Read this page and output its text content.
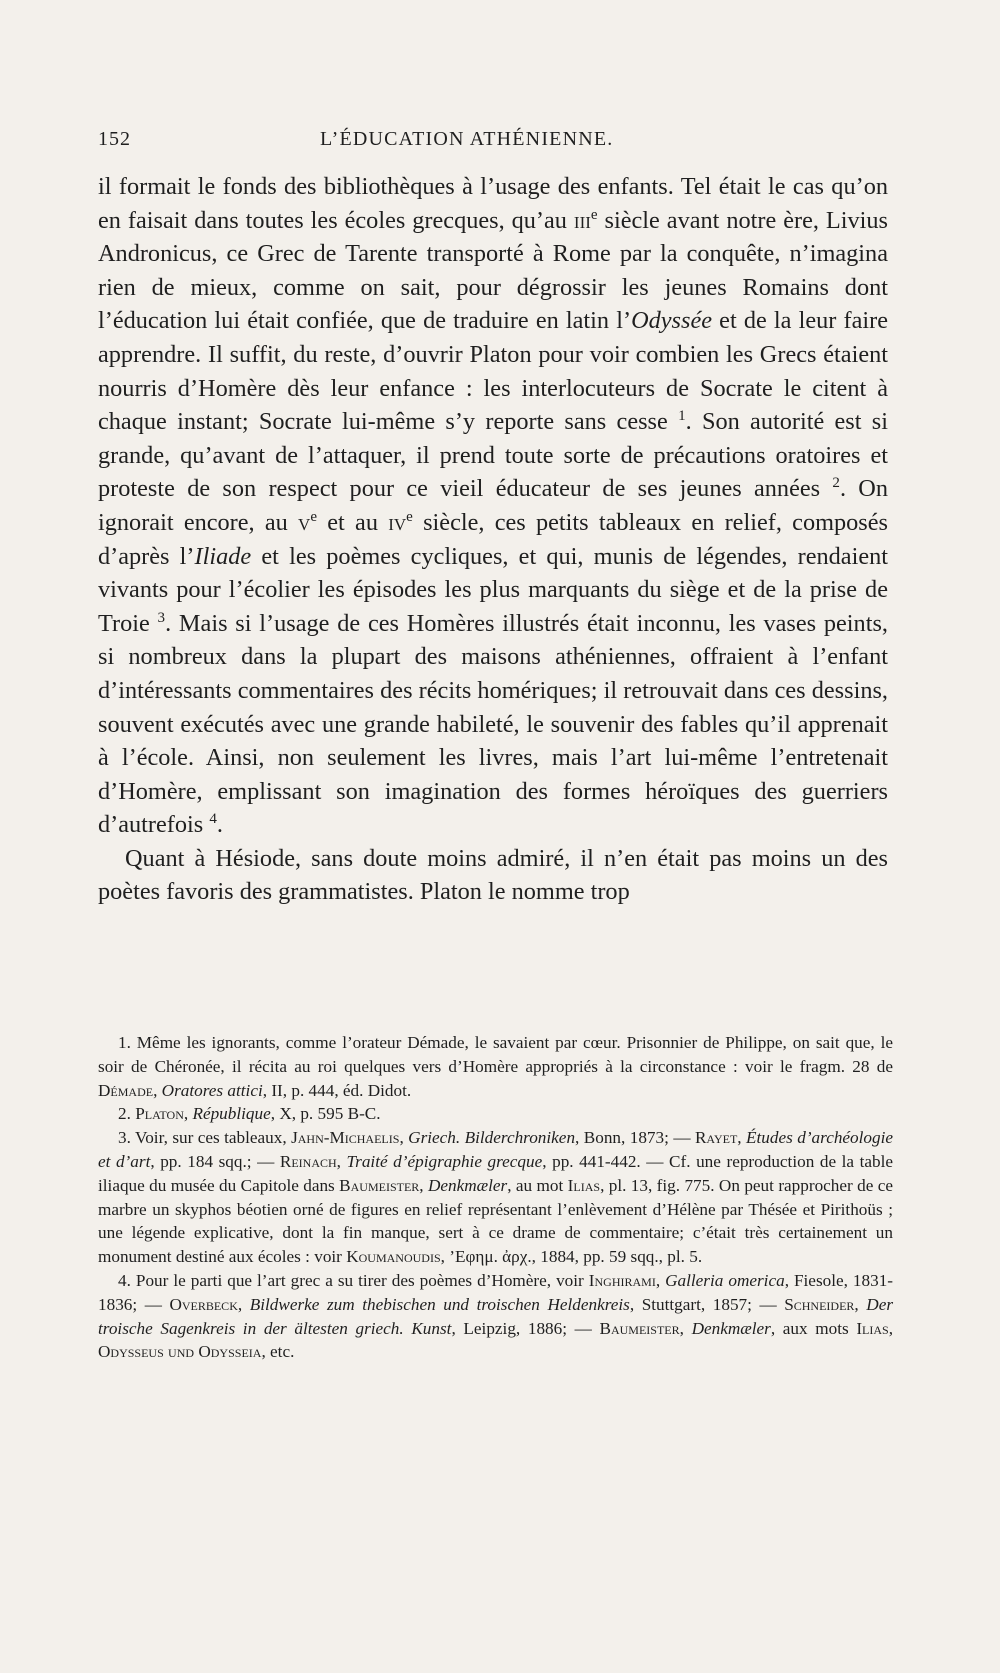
152	L’ÉDUCATION ATHÉNIENNE.

il formait le fonds des bibliothèques à l’usage des enfants. Tel était le cas qu’on en faisait dans toutes les écoles grecques, qu’au iii$^e$ siècle avant notre ère, Livius Andronicus, ce Grec de Tarente transporté à Rome par la conquête, n’imagina rien de mieux, comme on sait, pour dégrossir les jeunes Romains dont l’éducation lui était confiée, que de traduire en latin l’Odyssée et de la leur faire apprendre. Il suffit, du reste, d’ouvrir Platon pour voir combien les Grecs étaient nourris d’Homère dès leur enfance : les interlocuteurs de Socrate le citent à chaque instant; Socrate lui-même s’y reporte sans cesse $^1$. Son autorité est si grande, qu’avant de l’attaquer, il prend toute sorte de précautions oratoires et proteste de son respect pour ce vieil éducateur de ses jeunes années $^2$. On ignorait encore, au $v^e$ et au $iv^e$ siècle, ces petits tableaux en relief, composés d’après l’Iliade et les poèmes cycliques, et qui, munis de légendes, rendaient vivants pour l’écolier les épisodes les plus marquants du siège et de la prise de Troie $^3$. Mais si l’usage de ces Homères illustrés était inconnu, les vases peints, si nombreux dans la plupart des maisons athéniennes, offraient à l’enfant d’intéressants commentaires des récits homériques; il retrouvait dans ces dessins, souvent exécutés avec une grande habileté, le souvenir des fables qu’il apprenait à l’école. Ainsi, non seulement les livres, mais l’art lui-même l’entretenait d’Homère, emplissant son imagination des formes héroïques des guerriers d’autrefois $^4$.

Quant à Hésiode, sans doute moins admiré, il n’en était pas moins un des poètes favoris des grammatistes. Platon le nomme trop

1. Même les ignorants, comme l’orateur Démade, le savaient par cœur. Prisonnier de Philippe, on sait que, le soir de Chéronée, il récita au roi quelques vers d’Homère appropriés à la circonstance : voir le fragm. 28 de Démade, Oratores attici, II, p. 444, éd. Didot.

2. Platon, République, X, p. 595 B-C.

3. Voir, sur ces tableaux, Jahn-Michaelis, Griech. Bilderchroniken, Bonn, 1873; — Rayet, Études d’archéologie et d’art, pp. 184 sqq.; — Reinach, Traité d’épigraphie grecque, pp. 441-442. — Cf. une reproduction de la table iliaque du musée du Capitole dans Baumeister, Denkmæler, au mot Ilias, pl. 13, fig. 775. On peut rapprocher de ce marbre un skyphos béotien orné de figures en relief représentant l’enlèvement d’Hélène par Thésée et Pirithoüs ; une légende explicative, dont la fin manque, sert à ce drame de commentaire; c’était très certainement un monument destiné aux écoles : voir Koumanoudis, ’Εφημ. ἀρχ., 1884, pp. 59 sqq., pl. 5.

4. Pour le parti que l’art grec a su tirer des poèmes d’Homère, voir Inghirami, Galleria omerica, Fiesole, 1831-1836; — Overbeck, Bildwerke zum thebischen und troischen Heldenkreis, Stuttgart, 1857; — Schneider, Der troische Sagenkreis in der ältesten griech. Kunst, Leipzig, 1886; — Baumeister, Denkmæler, aux mots Ilias, Odysseus und Odysseia, etc.
